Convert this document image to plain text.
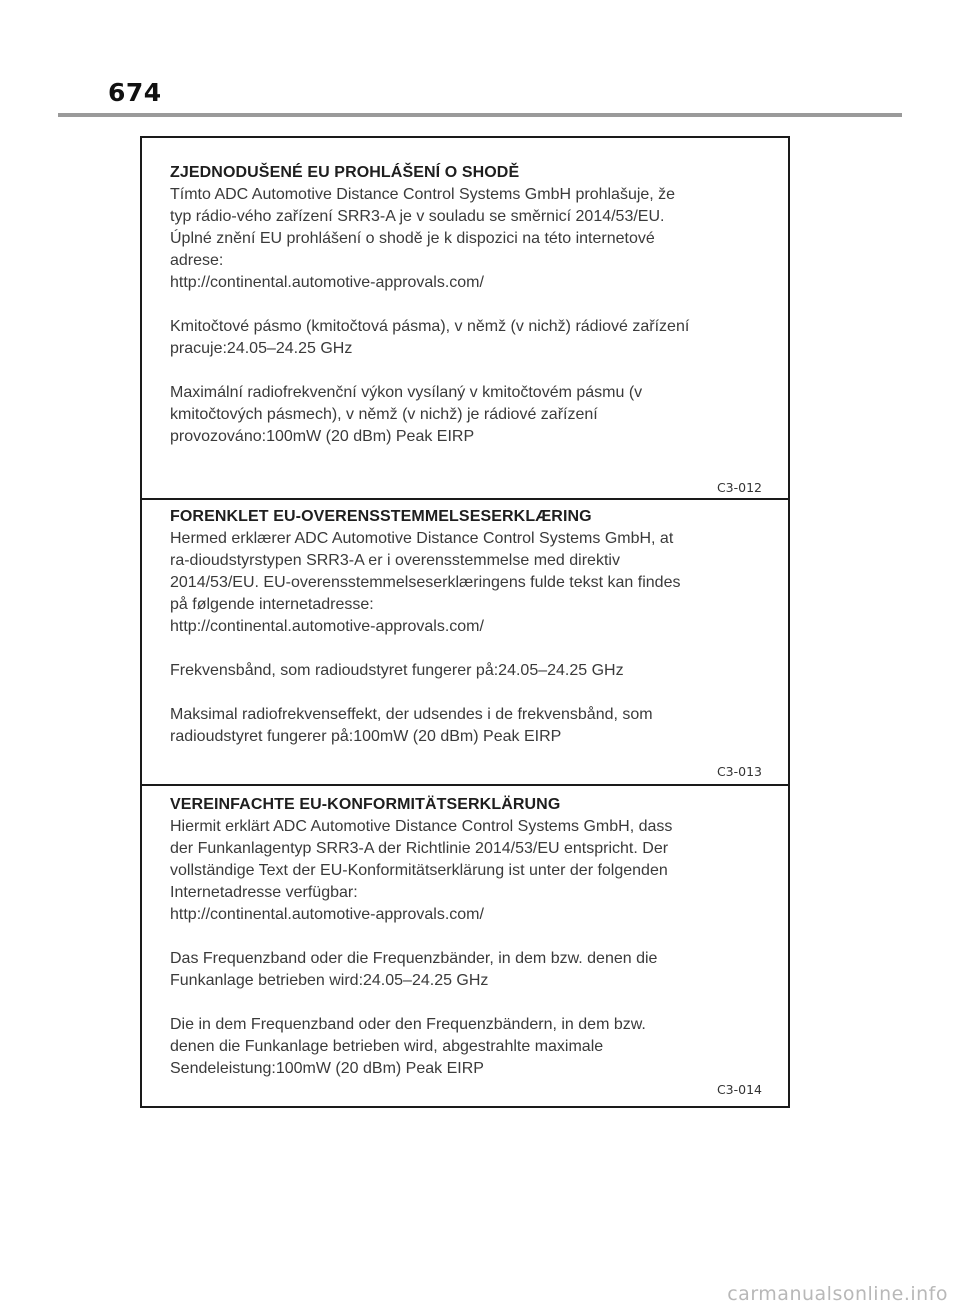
674
ZJEDNODUŠENÉ EU PROHLÁŠENÍ O SHODĚ

Tímto ADC Automotive Distance Control Systems GmbH prohlašuje, že

typ rádio-vého zařízení SRR3-A je v souladu se směrnicí 2014/53/EU.

Úplné znění EU prohlášení o shodě je k dispozici na této internetové

adrese:

http://continental.automotive-approvals.com/

Kmitočtové pásmo (kmitočtová pásma), v němž (v nichž) rádiové zařízení

pracuje:24.05–24.25 GHz

Maximální radiofrekvenční výkon vysílaný v kmitočtovém pásmu (v

kmitočtových pásmech), v němž (v nichž) je rádiové zařízení

provozováno:100mW (20 dBm) Peak EIRP

C3-012
FORENKLET EU-OVERENSSTEMMELSESERKLÆRING

Hermed erklærer ADC Automotive Distance Control Systems GmbH, at

ra-dioudstyrstypen SRR3-A er i overensstemmelse med direktiv

2014/53/EU. EU-overensstemmelseserklæringens fulde tekst kan findes

på følgende internetadresse:

http://continental.automotive-approvals.com/

Frekvensbånd, som radioudstyret fungerer på:24.05–24.25 GHz

Maksimal radiofrekvenseffekt, der udsendes i de frekvensbånd, som

radioudstyret fungerer på:100mW (20 dBm) Peak EIRP

C3-013
VEREINFACHTE EU-KONFORMITÄTSERKLÄRUNG

Hiermit erklärt ADC Automotive Distance Control Systems GmbH, dass

der Funkanlagentyp SRR3-A der Richtlinie 2014/53/EU entspricht. Der

vollständige Text der EU-Konformitätserklärung ist unter der folgenden

Internetadresse verfügbar:

http://continental.automotive-approvals.com/

Das Frequenzband oder die Frequenzbänder, in dem bzw. denen die

Funkanlage betrieben wird:24.05–24.25 GHz

Die in dem Frequenzband oder den Frequenzbändern, in dem bzw.

denen die Funkanlage betrieben wird, abgestrahlte maximale

Sendeleistung:100mW (20 dBm) Peak EIRP

C3-014
carmanualsonline.info
